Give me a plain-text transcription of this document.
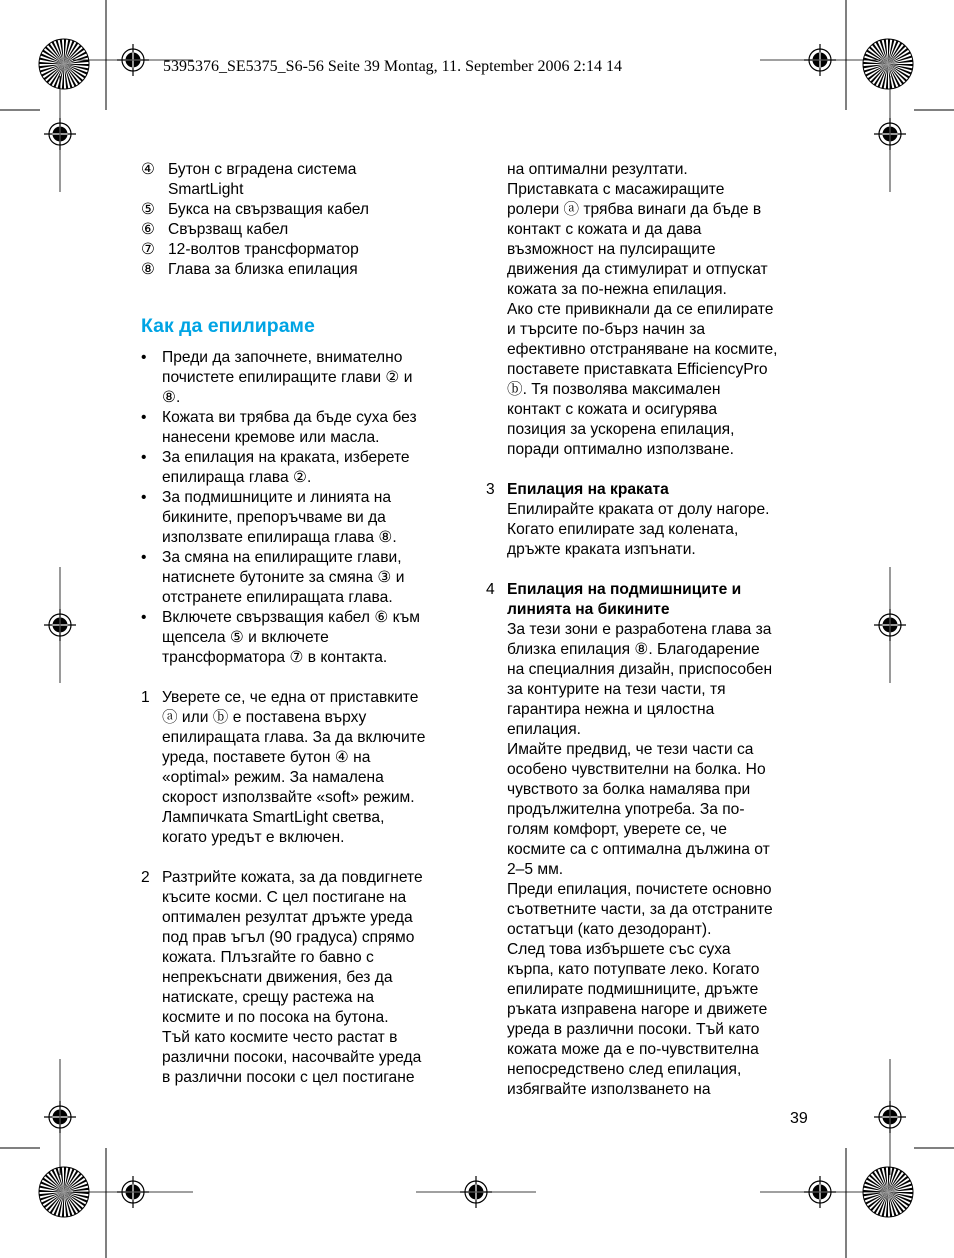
5395376_SE5375_S6-56 Seite 39 Montag, 11. September 2006 2:14 14
④ Бутон с вградена система
SmartLight
⑤ Букса на свързващия кабел
⑥ Свързващ кабел
⑦ 12-волтов трансформатор
⑧ Глава за близка епилация
Как да епилираме
• Преди да започнете, внимателно
почистете епилиращите глави ② и
⑧.
• Кожата ви трябва да бъде суха без
нанесени кремове или масла.
• За епилация на краката, изберете
епилираща глава ②.
• За подмишниците и линията на
бикините, препоръчваме ви да
използвате епилираща глава ⑧.
• За смяна на епилиращите глави,
натиснете бутоните за смяна ③ и
отстранете епилиращата глава.
• Включете свързващия кабел ⑥ към
щепсела ⑤ и включете
трансформатора ⑦ в контакта.
1 Уверете се, че една от приставките
ⓐ или ⓑ е поставена върху
епилиращата глава. За да включите
уреда, поставете бутон ④ на
«optimal» режим. За намалена
скорост използвайте «soft» режим.
Лампичката SmartLight светва,
когато уредът е включен.
2 Разтрийте кожата, за да повдигнете
късите косми. С цел постигане на
оптимален резултат дръжте уреда
под прав ъгъл (90 градуса) спрямо
кожата. Плъзгайте го бавно с
непрекъснати движения, без да
натискате, срещу растежа на
космите и по посока на бутона.
Тъй като космите често растат в
различни посоки, насочвайте уреда
в различни посоки с цел постигане
на оптимални резултати.
Приставката с масажиращите
ролери ⓐ трябва винаги да бъде в
контакт с кожата и да дава
възможност на пулсиращите
движения да стимулират и отпускат
кожата за по-нежна епилация.
Ако сте привикнали да се епилирате
и търсите по-бърз начин за
ефективно отстраняване на космите,
поставете приставката EfficiencyPro
ⓑ. Тя позволява максимален
контакт с кожата и осигурява
позиция за ускорена епилация,
поради оптимално използване.
3 Епилация на краката
Епилирайте краката от долу нагоре.
Когато епилирате зад колената,
дръжте краката изпънати.
4 Епилация на подмишниците и
линията на бикините
За тези зони е разработена глава за
близка епилация ⑧. Благодарение
на специалния дизайн, приспособен
за контурите на тези части, тя
гарантира нежна и цялостна
епилация.
Имайте предвид, че тези части са
особено чувствителни на болка. Но
чувството за болка намалява при
продължителна употреба. За по-
голям комфорт, уверете се, че
космите са с оптимална дължина от
2–5 мм.
Преди епилация, почистете основно
съответните части, за да отстраните
остатъци (като дезодорант).
След това избършете със суха
кърпа, като потупвате леко. Когато
епилирате подмишниците, дръжте
ръката изправена нагоре и движете
уреда в различни посоки. Тъй като
кожата може да е по-чувствителна
непосредствено след епилация,
избягвайте използването на
39
